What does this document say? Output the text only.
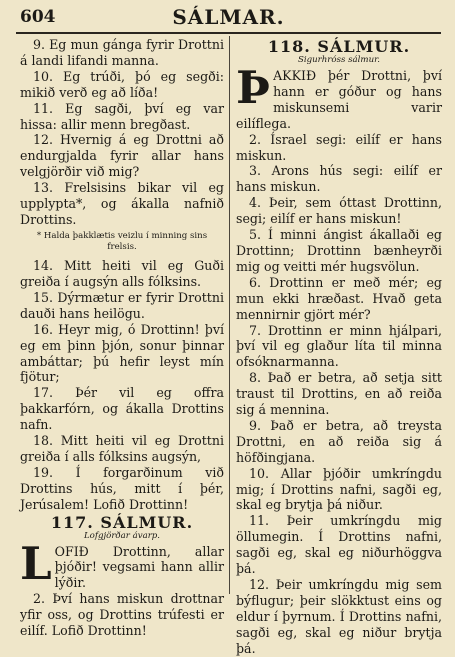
604	SÁLMAR.

9. Eg mun gánga fyrir Drottni á landi lifandi manna.

10. Eg trúði, þó eg segði: mikið verð eg að líða!

11. Eg sagði, því eg var hissa: allir menn bregðast.

12. Hvernig á eg Drottni að endurgjalda fyrir allar hans velgjörðir við mig?

13. Frelsisins bikar vil eg upplypta*, og ákalla nafnið Drottins.

* Halda þakklætis veizlu í minning sins frelsis.

14. Mitt heiti vil eg Guði greiða í augsýn alls fólksins.

15. Dýrmætur er fyrir Drottni dauði hans heilögu.

16. Heyr mig, ó Drottinn! því eg em þinn þjón, sonur þinnar ambáttar; þú hefir leyst mín fjötur;

17. Þér vil eg offra þakkarfórn, og ákalla Drottins nafn.

18. Mitt heiti vil eg Drottni greiða í alls fólksins augsýn,

19. Í forgarðinum við Drottins hús, mitt í þér, Jerúsalem! Lofið Drottinn!

117. SÁLMUR.
Lofgjörðar ávarp.

LOFIÐ Drottinn, allar þjóðir! vegsami hann allir lýðir.

2. Því hans miskun drottnar yfir oss, og Drottins trúfesti er eilíf. Lofið Drottinn!

118. SÁLMUR.
Sigurhróss sálmur.

ÞAKKIÐ þér Drottni, því hann er góður og hans miskunsemi varir eilíflega.

2. Ísrael segi: eilíf er hans miskun.

3. Arons hús segi: eilíf er hans miskun.

4. Þeir, sem óttast Drottinn, segi; eilíf er hans miskun!

5. Í minni ángist ákallaði eg Drottinn; Drottinn bænheyrði mig og veitti mér hugsvölun.

6. Drottinn er með mér; eg mun ekki hræðast. Hvað geta mennirnir gjört mér?

7. Drottinn er minn hjálpari, því vil eg glaður líta til minna ofsóknarmanna.

8. Það er betra, að setja sitt traust til Drottins, en að reiða sig á mennina.

9. Það er betra, að treysta Drottni, en að reiða sig á höfðingjana.

10. Allar þjóðir umkríngdu mig; í Drottins nafni, sagði eg, skal eg brytja þá niður.

11. Þeir umkríngdu mig öllumegin. Í Drottins nafni, sagði eg, skal eg niðurhöggva þá.

12. Þeir umkríngdu mig sem býflugur; þeir slökktust eins og eldur í þyrnum. Í Drottins nafni, sagði eg, skal eg niður brytja þá.
